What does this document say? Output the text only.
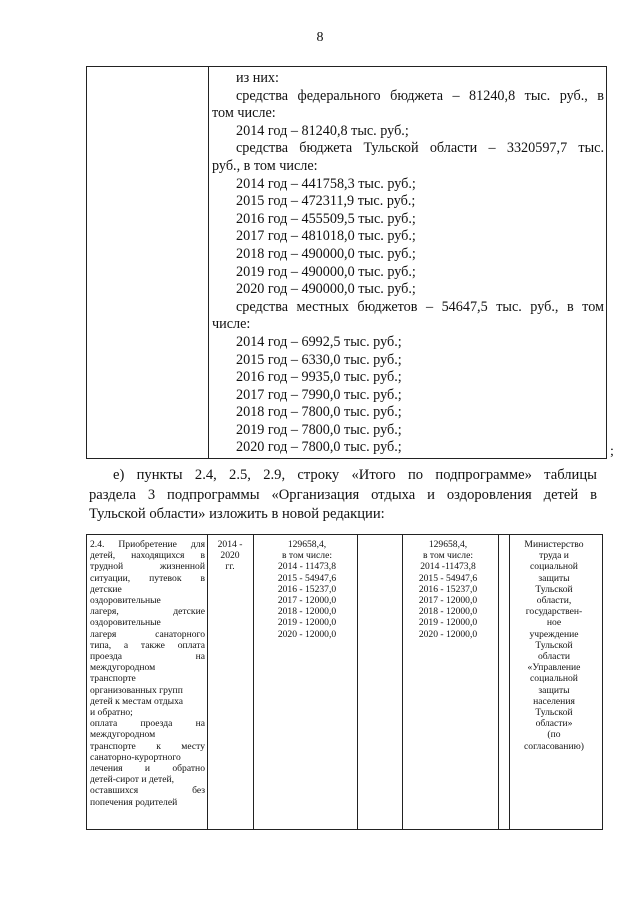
8
из них:
средства федерального бюджета – 81240,8 тыс. руб., в
том числе:
2014 год – 81240,8 тыс. руб.;
средства бюджета Тульской области – 3320597,7 тыс.
руб., в том числе:
2014 год – 441758,3 тыс. руб.;
2015 год – 472311,9 тыс. руб.;
2016 год – 455509,5 тыс. руб.;
2017 год – 481018,0 тыс. руб.;
2018 год – 490000,0 тыс. руб.;
2019 год – 490000,0 тыс. руб.;
2020 год – 490000,0 тыс. руб.;
средства местных бюджетов – 54647,5 тыс. руб., в том
числе:
2014 год – 6992,5 тыс. руб.;
2015 год – 6330,0 тыс. руб.;
2016 год – 9935,0 тыс. руб.;
2017 год – 7990,0 тыс. руб.;
2018 год – 7800,0 тыс. руб.;
2019 год – 7800,0 тыс. руб.;
2020 год – 7800,0 тыс. руб.;	;
е) пункты 2.4, 2.5, 2.9, строку «Итого по подпрограмме» таблицы
раздела 3 подпрограммы «Организация отдыха и оздоровления детей в
Тульской области» изложить в новой редакции:
2.4. Приобретение для
детей, находящихся в
трудной жизненной
ситуации, путевок в
детские
оздоровительные
лагеря, детские
оздоровительные
лагеря санаторного
типа, а также оплата
проезда на
междугородном
транспорте
организованных групп
детей к местам отдыха
и обратно;
оплата проезда на
междугородном
транспорте к месту
санаторно-курортного
лечения и обратно
детей-сирот и детей,
оставшихся без
попечения родителей
2014 -
2020
гг.
129658,4,
в том числе:
2014 - 11473,8
2015 - 54947,6
2016 - 15237,0
2017 - 12000,0
2018 - 12000,0
2019 - 12000,0
2020 - 12000,0
129658,4,
в том числе:
2014 -11473,8
2015 - 54947,6
2016 - 15237,0
2017 - 12000,0
2018 - 12000,0
2019 - 12000,0
2020 - 12000,0
Министерство
труда и
социальной
защиты
Тульской
области,
государствен-
ное
учреждение
Тульской
области
«Управление
социальной
защиты
населения
Тульской
области»
(по
согласованию)
